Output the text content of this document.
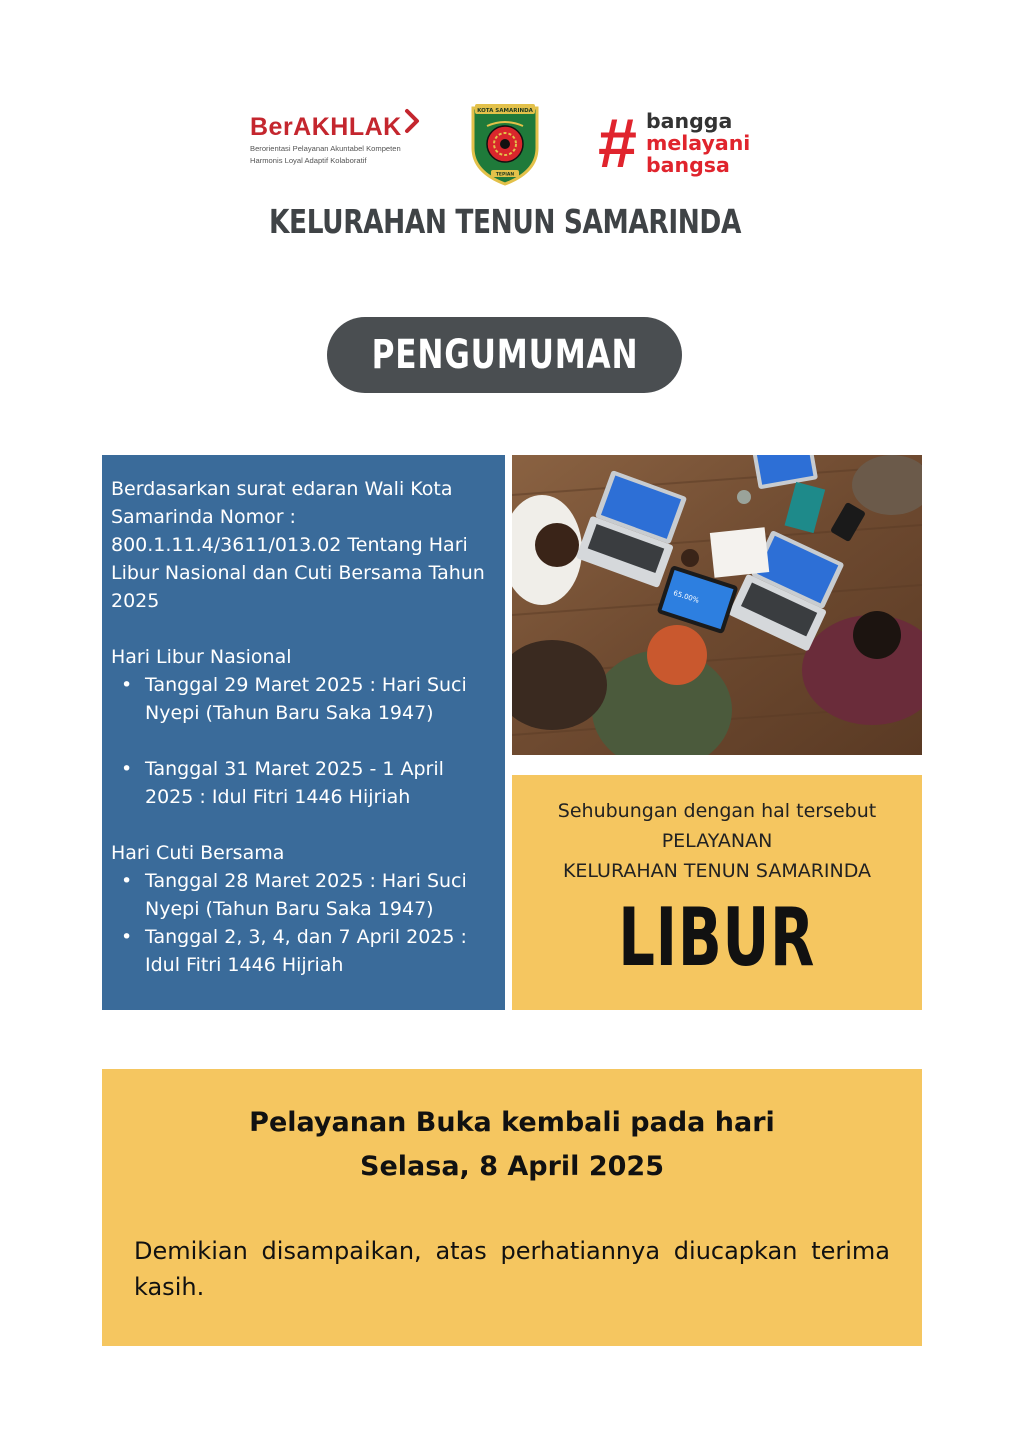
BerAKHLAK
Berorientasi Pelayanan Akuntabel Kompeten
Harmonis Loyal Adaptif Kolaboratif
KOTA SAMARINDA
TEPIAN # bangga
melayani
bangsa
KELURAHAN TENUN SAMARINDA
PENGUMUMAN

Berdasarkan surat edaran Wali Kota Samarinda Nomor : 800.1.11.4/3611/013.02 Tentang Hari Libur Nasional dan Cuti Bersama Tahun 2025

Hari Libur Nasional

• Tanggal 29 Maret 2025 : Hari Suci Nyepi (Tahun Baru Saka 1947)
• Tanggal 31 Maret 2025 - 1 April 2025 : Idul Fitri 1446 Hijriah

Hari Cuti Bersama

• Tanggal 28 Maret 2025 : Hari Suci Nyepi (Tahun Baru Saka 1947)
• Tanggal 2, 3, 4, dan 7 April 2025 : Idul Fitri 1446 Hijriah
65.00%
Sehubungan dengan hal tersebut
PELAYANAN
KELURAHAN TENUN SAMARINDA
LIBUR
Pelayanan Buka kembali pada hari
Selasa, 8 April 2025
Demikian disampaikan, atas perhatiannya diucapkan terima kasih.
